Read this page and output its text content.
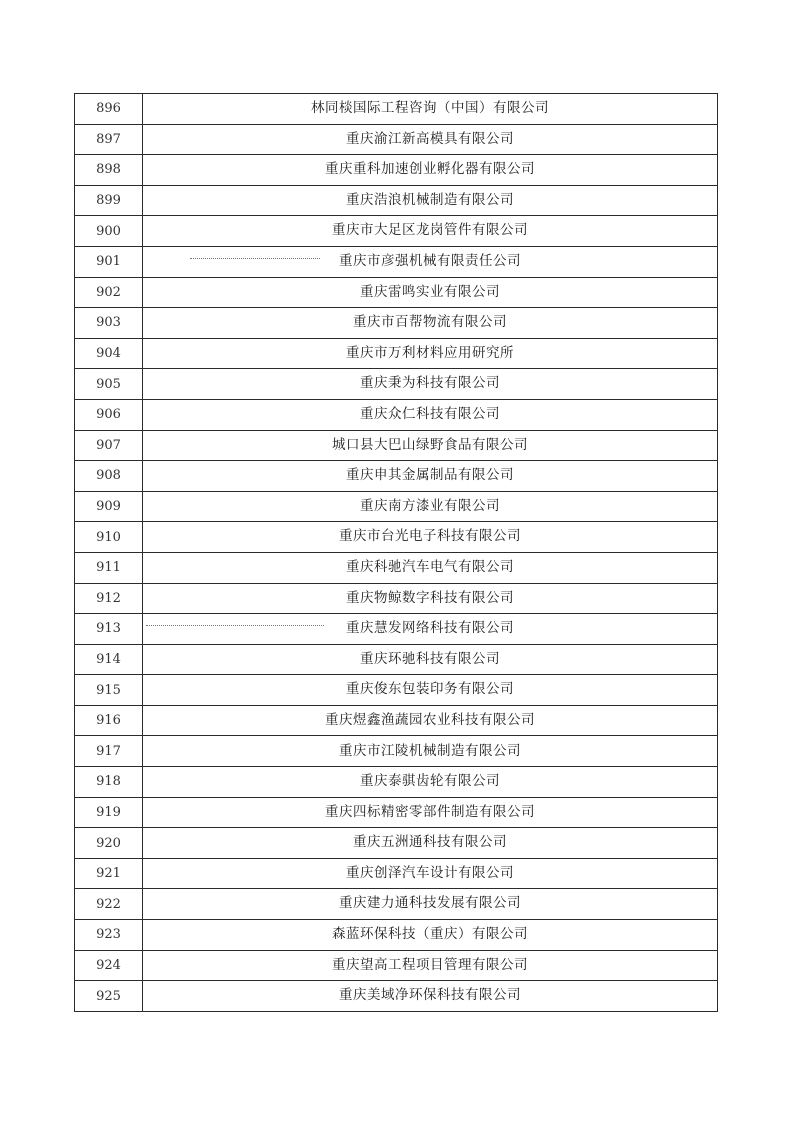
896	林同棪国际工程咨询（中国）有限公司
897	重庆渝江新高模具有限公司
898	重庆重科加速创业孵化器有限公司
899	重庆浩浪机械制造有限公司
900	重庆市大足区龙岗管件有限公司
901	重庆市彦强机械有限责任公司
902	重庆雷鸣实业有限公司
903	重庆市百帮物流有限公司
904	重庆市万利材料应用研究所
905	重庆秉为科技有限公司
906	重庆众仁科技有限公司
907	城口县大巴山绿野食品有限公司
908	重庆申其金属制品有限公司
909	重庆南方漆业有限公司
910	重庆市台光电子科技有限公司
911	重庆科驰汽车电气有限公司
912	重庆物鲸数字科技有限公司
913	重庆慧发网络科技有限公司
914	重庆环驰科技有限公司
915	重庆俊东包装印务有限公司
916	重庆煜鑫渔蔬园农业科技有限公司
917	重庆市江陵机械制造有限公司
918	重庆泰骐齿轮有限公司
919	重庆四标精密零部件制造有限公司
920	重庆五洲通科技有限公司
921	重庆创泽汽车设计有限公司
922	重庆建力通科技发展有限公司
923	森蓝环保科技（重庆）有限公司
924	重庆望高工程项目管理有限公司
925	重庆美域净环保科技有限公司
